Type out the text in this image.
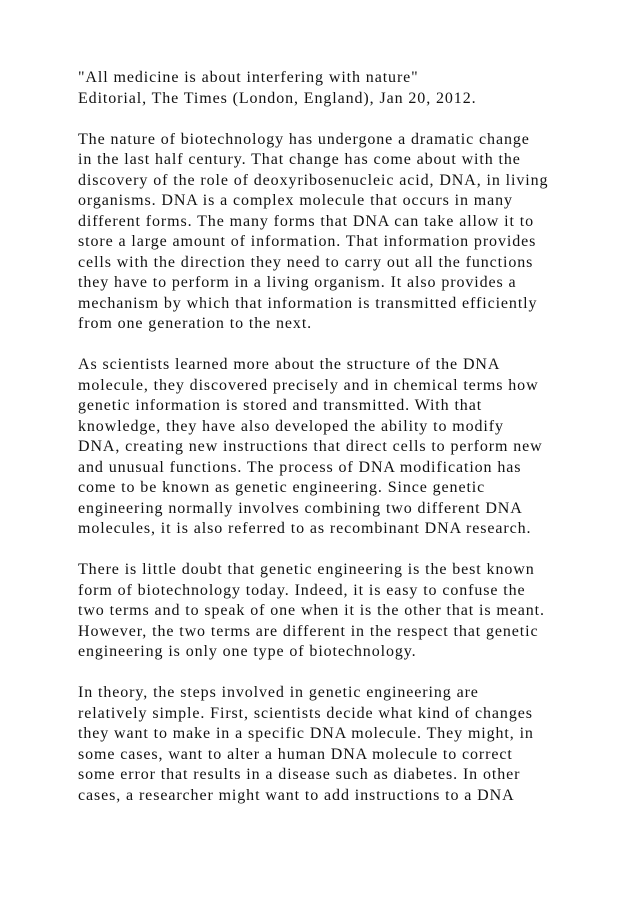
"All medicine is about interfering with nature"
Editorial, The Times (London, England), Jan 20, 2012.
The nature of biotechnology has undergone a dramatic change
in the last half century. That change has come about with the
discovery of the role of deoxyribosenucleic acid, DNA, in living
organisms. DNA is a complex molecule that occurs in many
different forms. The many forms that DNA can take allow it to
store a large amount of information. That information provides
cells with the direction they need to carry out all the functions
they have to perform in a living organism. It also provides a
mechanism by which that information is transmitted efficiently
from one generation to the next.
As scientists learned more about the structure of the DNA
molecule, they discovered precisely and in chemical terms how
genetic information is stored and transmitted. With that
knowledge, they have also developed the ability to modify
DNA, creating new instructions that direct cells to perform new
and unusual functions. The process of DNA modification has
come to be known as genetic engineering. Since genetic
engineering normally involves combining two different DNA
molecules, it is also referred to as recombinant DNA research.
There is little doubt that genetic engineering is the best known
form of biotechnology today. Indeed, it is easy to confuse the
two terms and to speak of one when it is the other that is meant.
However, the two terms are different in the respect that genetic
engineering is only one type of biotechnology.
In theory, the steps involved in genetic engineering are
relatively simple. First, scientists decide what kind of changes
they want to make in a specific DNA molecule. They might, in
some cases, want to alter a human DNA molecule to correct
some error that results in a disease such as diabetes. In other
cases, a researcher might want to add instructions to a DNA
